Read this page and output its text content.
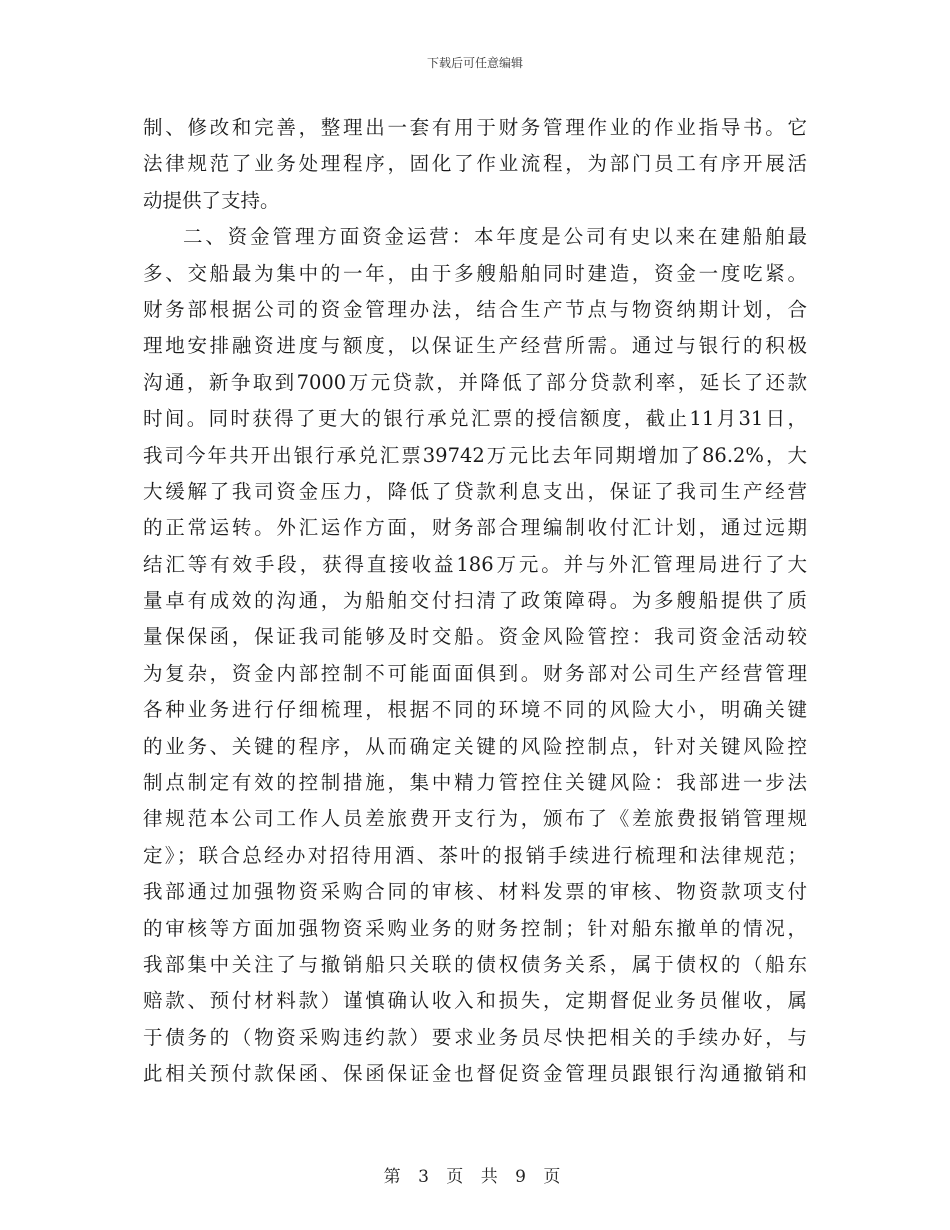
下载后可任意编辑
制、修改和完善，整理出一套有用于财务管理作业的作业指导书。它
法律规范了业务处理程序，固化了作业流程，为部门员工有序开展活
动提供了支持。
二、资金管理方面资金运营：本年度是公司有史以来在建船舶最
多、交船最为集中的一年，由于多艘船舶同时建造，资金一度吃紧。
财务部根据公司的资金管理办法，结合生产节点与物资纳期计划，合
理地安排融资进度与额度，以保证生产经营所需。通过与银行的积极
沟通，新争取到7000万元贷款，并降低了部分贷款利率，延长了还款
时间。同时获得了更大的银行承兑汇票的授信额度，截止11月31日，
我司今年共开出银行承兑汇票39742万元比去年同期增加了86.2%，大
大缓解了我司资金压力，降低了贷款利息支出，保证了我司生产经营
的正常运转。外汇运作方面，财务部合理编制收付汇计划，通过远期
结汇等有效手段，获得直接收益186万元。并与外汇管理局进行了大
量卓有成效的沟通，为船舶交付扫清了政策障碍。为多艘船提供了质
量保保函，保证我司能够及时交船。资金风险管控：我司资金活动较
为复杂，资金内部控制不可能面面俱到。财务部对公司生产经营管理
各种业务进行仔细梳理，根据不同的环境不同的风险大小，明确关键
的业务、关键的程序，从而确定关键的风险控制点，针对关键风险控
制点制定有效的控制措施，集中精力管控住关键风险：我部进一步法
律规范本公司工作人员差旅费开支行为，颁布了《差旅费报销管理规
定》；联合总经办对招待用酒、茶叶的报销手续进行梳理和法律规范；
我部通过加强物资采购合同的审核、材料发票的审核、物资款项支付
的审核等方面加强物资采购业务的财务控制；针对船东撤单的情况，
我部集中关注了与撤销船只关联的债权债务关系，属于债权的（船东
赔款、预付材料款）谨慎确认收入和损失，定期督促业务员催收，属
于债务的（物资采购违约款）要求业务员尽快把相关的手续办好，与
此相关预付款保函、保函保证金也督促资金管理员跟银行沟通撤销和
第 3 页 共 9 页
